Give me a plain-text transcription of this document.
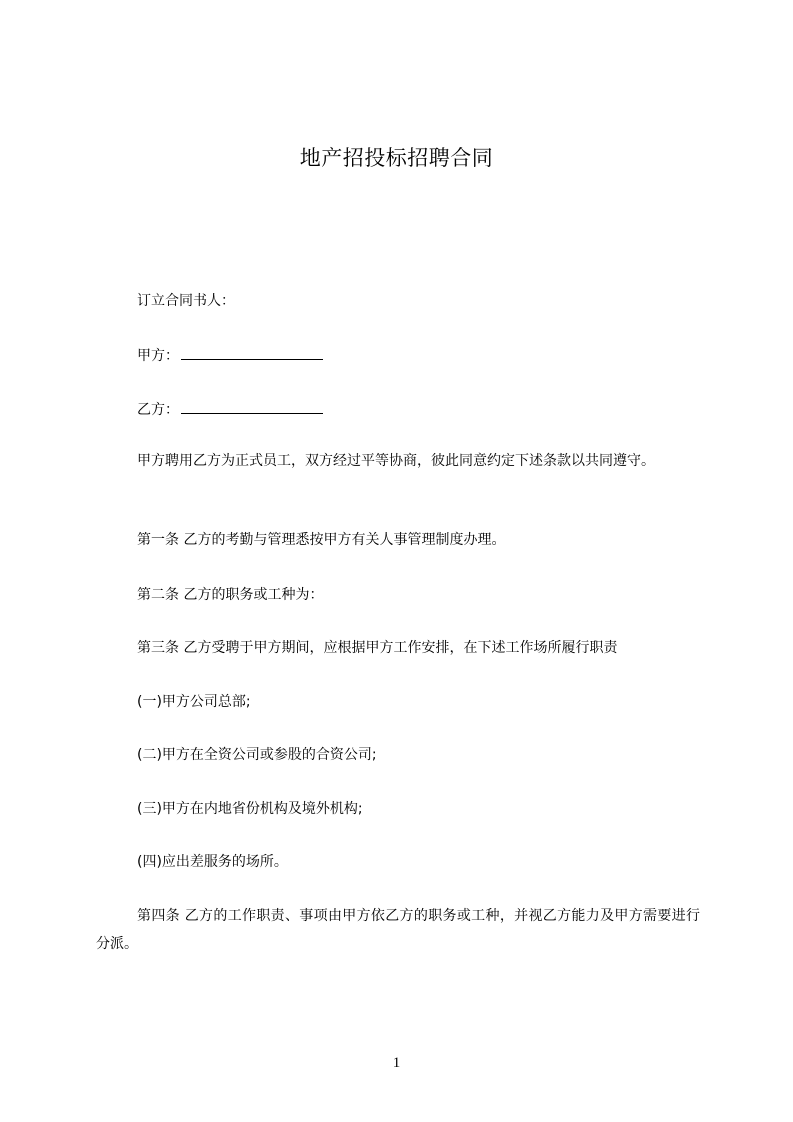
地产招投标招聘合同
订立合同书人：
甲方：
乙方：
甲方聘用乙方为正式员工，双方经过平等协商，彼此同意约定下述条款以共同遵守。
第一条 乙方的考勤与管理悉按甲方有关人事管理制度办理。
第二条 乙方的职务或工种为：
第三条 乙方受聘于甲方期间，应根据甲方工作安排，在下述工作场所履行职责
(一)甲方公司总部;
(二)甲方在全资公司或参股的合资公司;
(三)甲方在内地省份机构及境外机构;
(四)应出差服务的场所。
第四条 乙方的工作职责、事项由甲方依乙方的职务或工种，并视乙方能力及甲方需要进行分派。
1
